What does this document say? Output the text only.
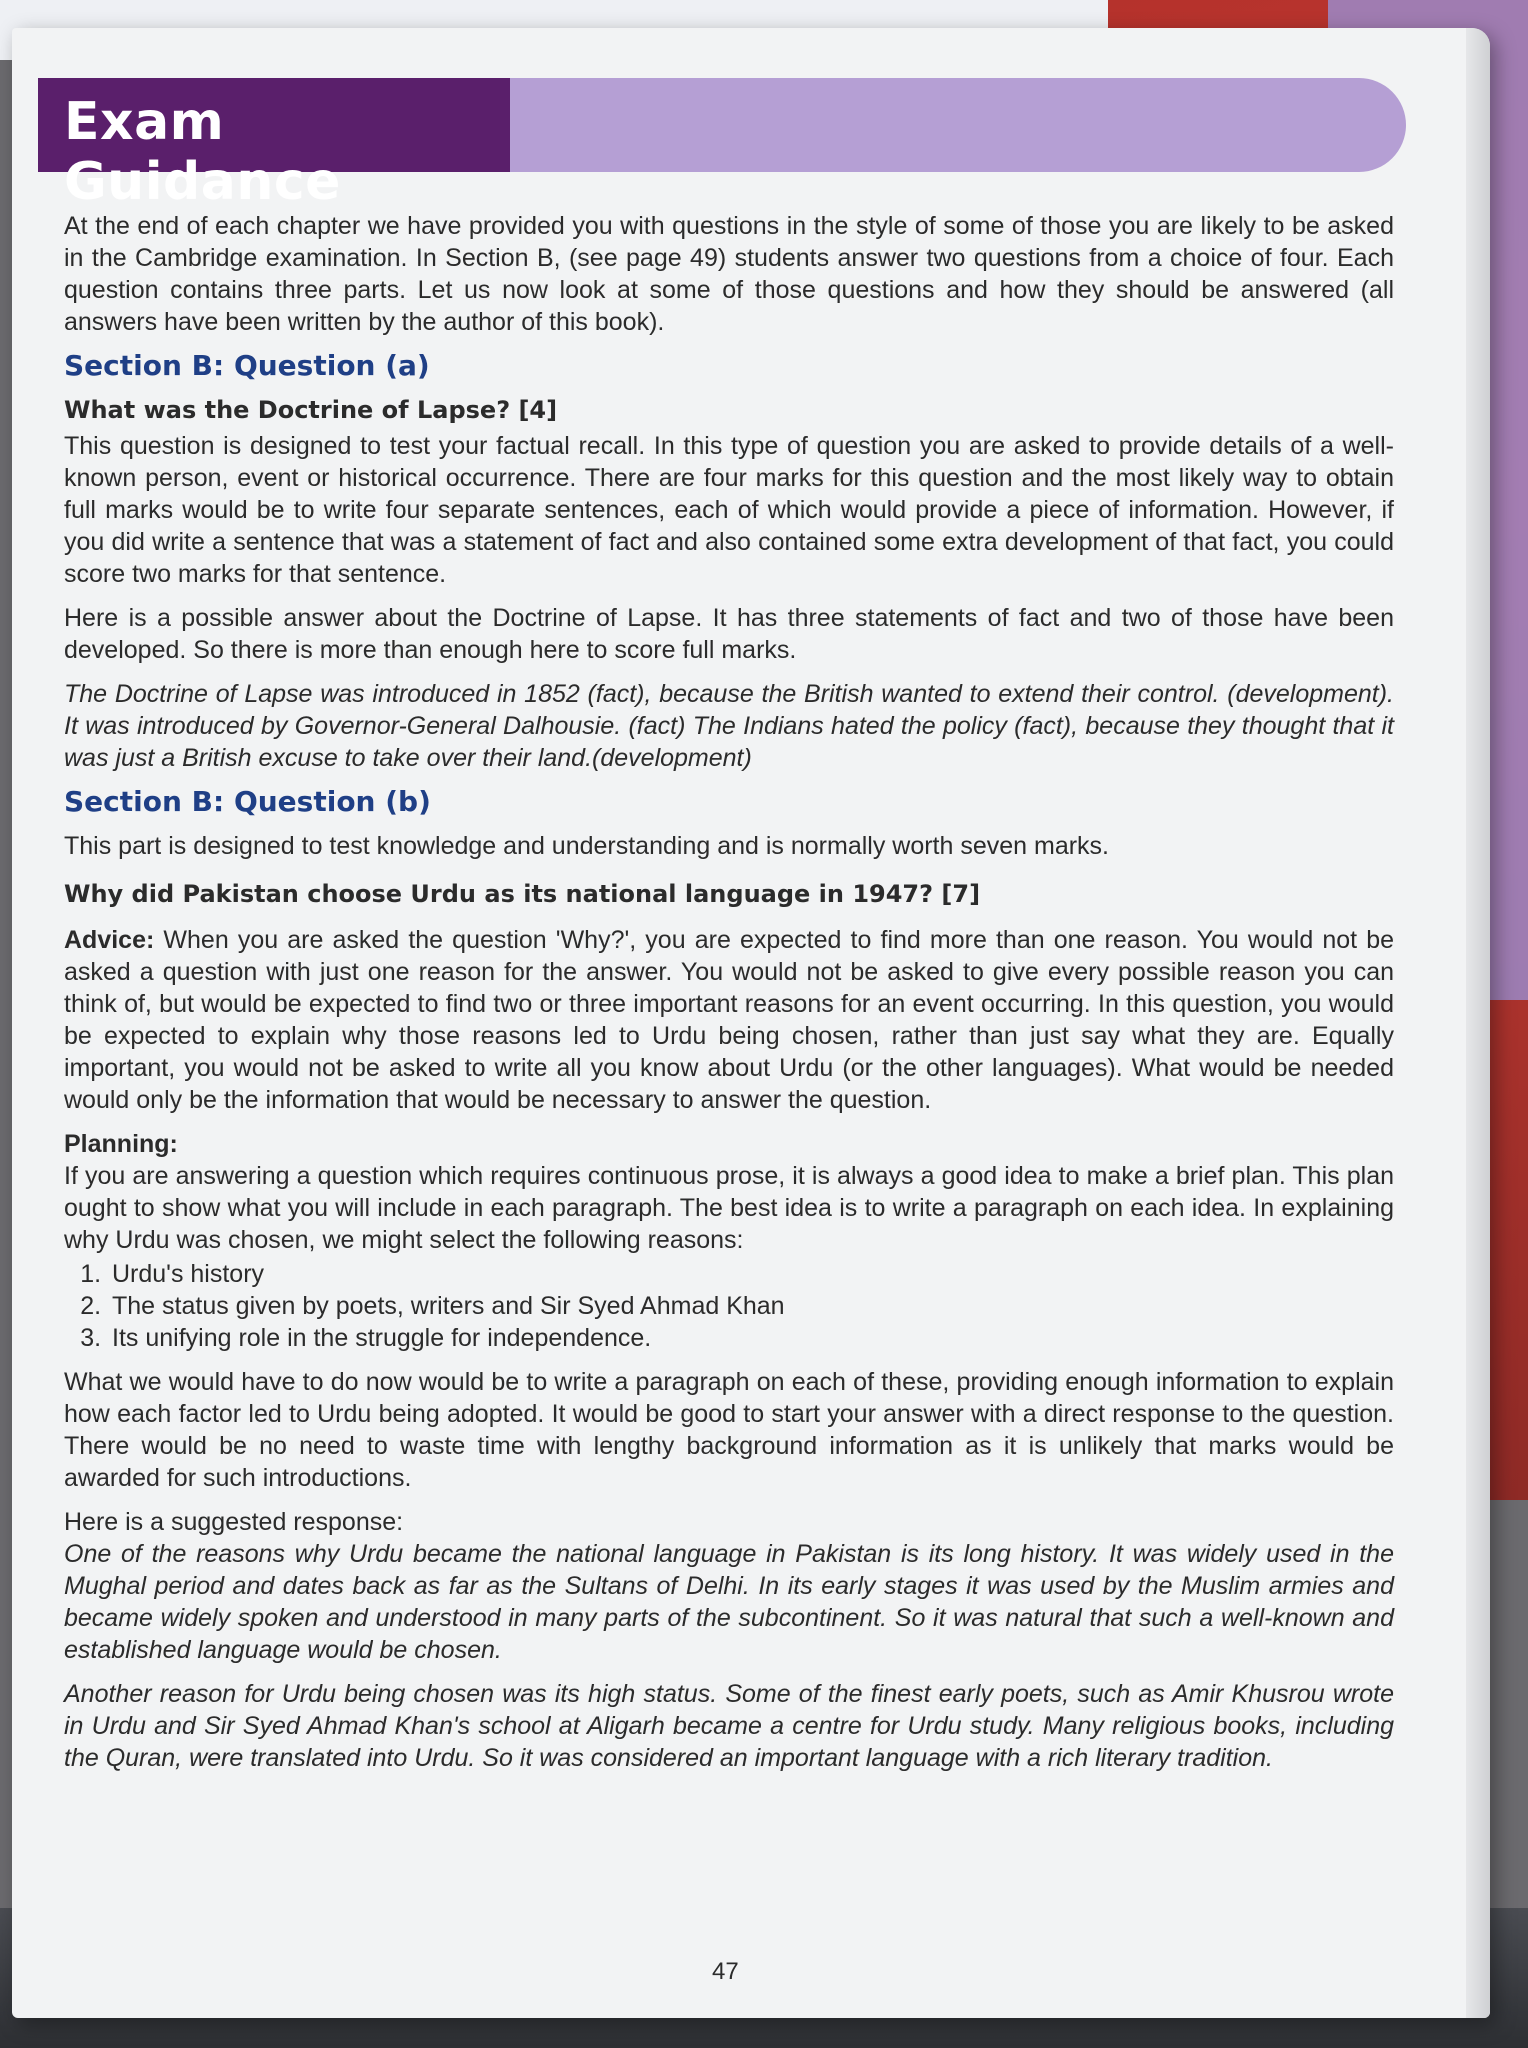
Exam Guidance

At the end of each chapter we have provided you with questions in the style of some of those you are likely to be asked in the Cambridge examination. In Section B, (see page 49) students answer two questions from a choice of four. Each question contains three parts. Let us now look at some of those questions and how they should be answered (all answers have been written by the author of this book).

Section B: Question (a)
What was the Doctrine of Lapse? [4]

This question is designed to test your factual recall. In this type of question you are asked to provide details of a well-known person, event or historical occurrence. There are four marks for this question and the most likely way to obtain full marks would be to write four separate sentences, each of which would provide a piece of information. However, if you did write a sentence that was a statement of fact and also contained some extra development of that fact, you could score two marks for that sentence.

Here is a possible answer about the Doctrine of Lapse. It has three statements of fact and two of those have been developed. So there is more than enough here to score full marks.

The Doctrine of Lapse was introduced in 1852 (fact), because the British wanted to extend their control. (development). It was introduced by Governor-General Dalhousie. (fact) The Indians hated the policy (fact), because they thought that it was just a British excuse to take over their land.(development)

Section B: Question (b)

This part is designed to test knowledge and understanding and is normally worth seven marks.

Why did Pakistan choose Urdu as its national language in 1947? [7]

Advice: When you are asked the question 'Why?', you are expected to find more than one reason. You would not be asked a question with just one reason for the answer. You would not be asked to give every possible reason you can think of, but would be expected to find two or three important reasons for an event occurring. In this question, you would be expected to explain why those reasons led to Urdu being chosen, rather than just say what they are. Equally important, you would not be asked to write all you know about Urdu (or the other languages). What would be needed would only be the information that would be necessary to answer the question.

Planning:

If you are answering a question which requires continuous prose, it is always a good idea to make a brief plan. This plan ought to show what you will include in each paragraph. The best idea is to write a paragraph on each idea. In explaining why Urdu was chosen, we might select the following reasons:

1. Urdu's history
2. The status given by poets, writers and Sir Syed Ahmad Khan
3. Its unifying role in the struggle for independence.

What we would have to do now would be to write a paragraph on each of these, providing enough information to explain how each factor led to Urdu being adopted. It would be good to start your answer with a direct response to the question. There would be no need to waste time with lengthy background information as it is unlikely that marks would be awarded for such introductions.

Here is a suggested response:

One of the reasons why Urdu became the national language in Pakistan is its long history. It was widely used in the Mughal period and dates back as far as the Sultans of Delhi. In its early stages it was used by the Muslim armies and became widely spoken and understood in many parts of the subcontinent. So it was natural that such a well-known and established language would be chosen.

Another reason for Urdu being chosen was its high status. Some of the finest early poets, such as Amir Khusrou wrote in Urdu and Sir Syed Ahmad Khan's school at Aligarh became a centre for Urdu study. Many religious books, including the Quran, were translated into Urdu. So it was considered an important language with a rich literary tradition.

47
